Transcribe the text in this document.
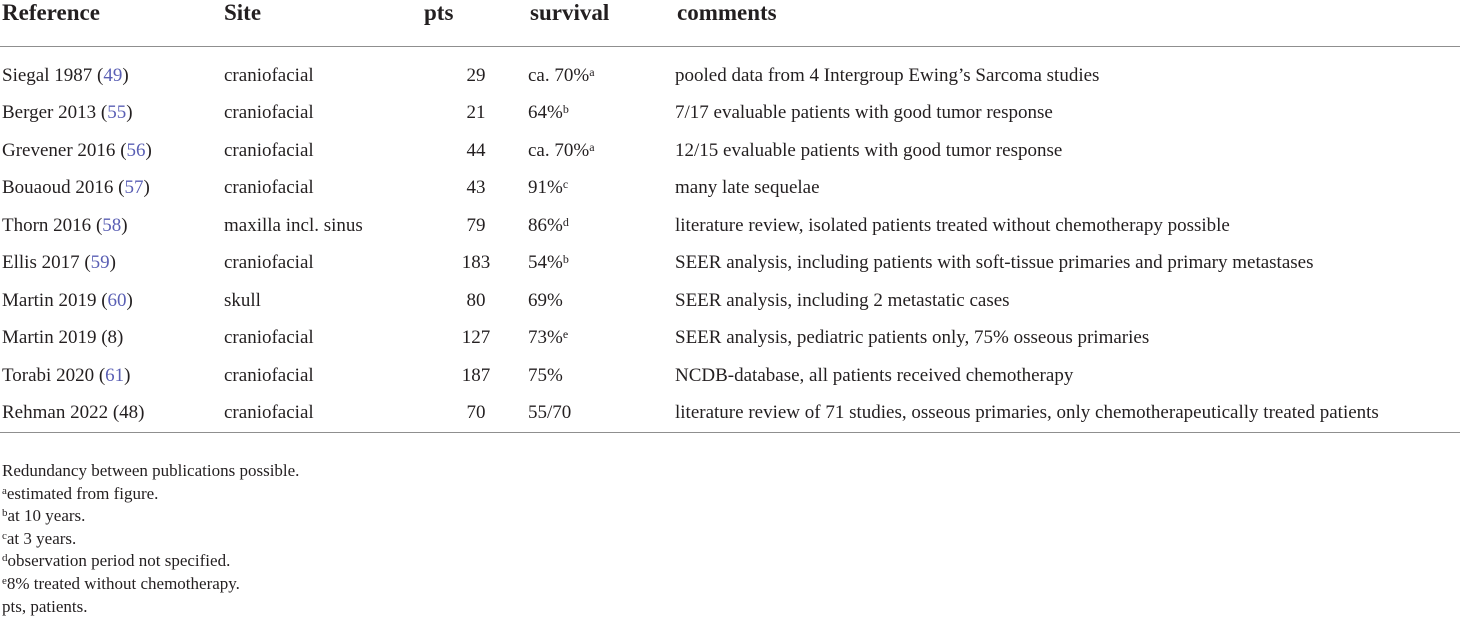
Reference	Site	pts	survival	comments
Siegal 1987 (49)	craniofacial	29	ca. 70%$^a$	pooled data from 4 Intergroup Ewing’s Sarcoma studies
Berger 2013 (55)	craniofacial	21	64%$^b$	7/17 evaluable patients with good tumor response
Grevener 2016 (56)	craniofacial	44	ca. 70%$^a$	12/15 evaluable patients with good tumor response
Bouaoud 2016 (57)	craniofacial	43	91%$^c$	many late sequelae
Thorn 2016 (58)	maxilla incl. sinus	79	86%$^d$	literature review, isolated patients treated without chemotherapy possible
Ellis 2017 (59)	craniofacial	183	54%$^b$	SEER analysis, including patients with soft-tissue primaries and primary metastases
Martin 2019 (60)	skull	80	69%	SEER analysis, including 2 metastatic cases
Martin 2019 (8)	craniofacial	127	73%$^e$	SEER analysis, pediatric patients only, 75% osseous primaries
Torabi 2020 (61)	craniofacial	187	75%	NCDB-database, all patients received chemotherapy
Rehman 2022 (48)	craniofacial	70	55/70	literature review of 71 studies, osseous primaries, only chemotherapeutically treated patients
Redundancy between publications possible.
$^a$estimated from figure.
$^b$at 10 years.
$^c$at 3 years.
$^d$observation period not specified.
$^e$8% treated without chemotherapy.
pts, patients.
